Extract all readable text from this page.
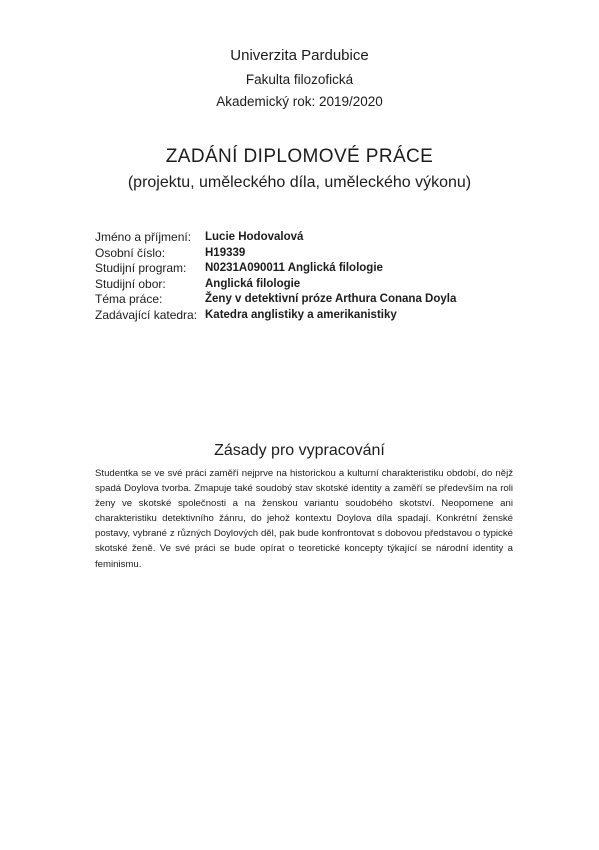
Univerzita Pardubice
Fakulta filozofická
Akademický rok: 2019/2020
ZADÁNÍ DIPLOMOVÉ PRÁCE
(projektu, uměleckého díla, uměleckého výkonu)
Jméno a příjmení:	Lucie Hodovalová
Osobní číslo:	H19339
Studijní program:	N0231A090011 Anglická filologie
Studijní obor:	Anglická filologie
Téma práce:	Ženy v detektivní próze Arthura Conana Doyla
Zadávající katedra: Katedra anglistiky a amerikanistiky
Zásady pro vypracování
Studentka se ve své práci zaměří nejprve na historickou a kulturní charakteristiku období, do nějž spadá Doylova tvorba. Zmapuje také soudobý stav skotské identity a zaměří se především na roli ženy ve skotské společnosti a na ženskou variantu soudobého skotství. Neopomene ani charakteristiku detektivního žánru, do jehož kontextu Doylova díla spadají. Konkrétní ženské postavy, vybrané z různých Doylových děl, pak bude konfrontovat s dobovou představou o typické skotské ženě. Ve své práci se bude opírat o teoretické koncepty týkající se národní identity a feminismu.
